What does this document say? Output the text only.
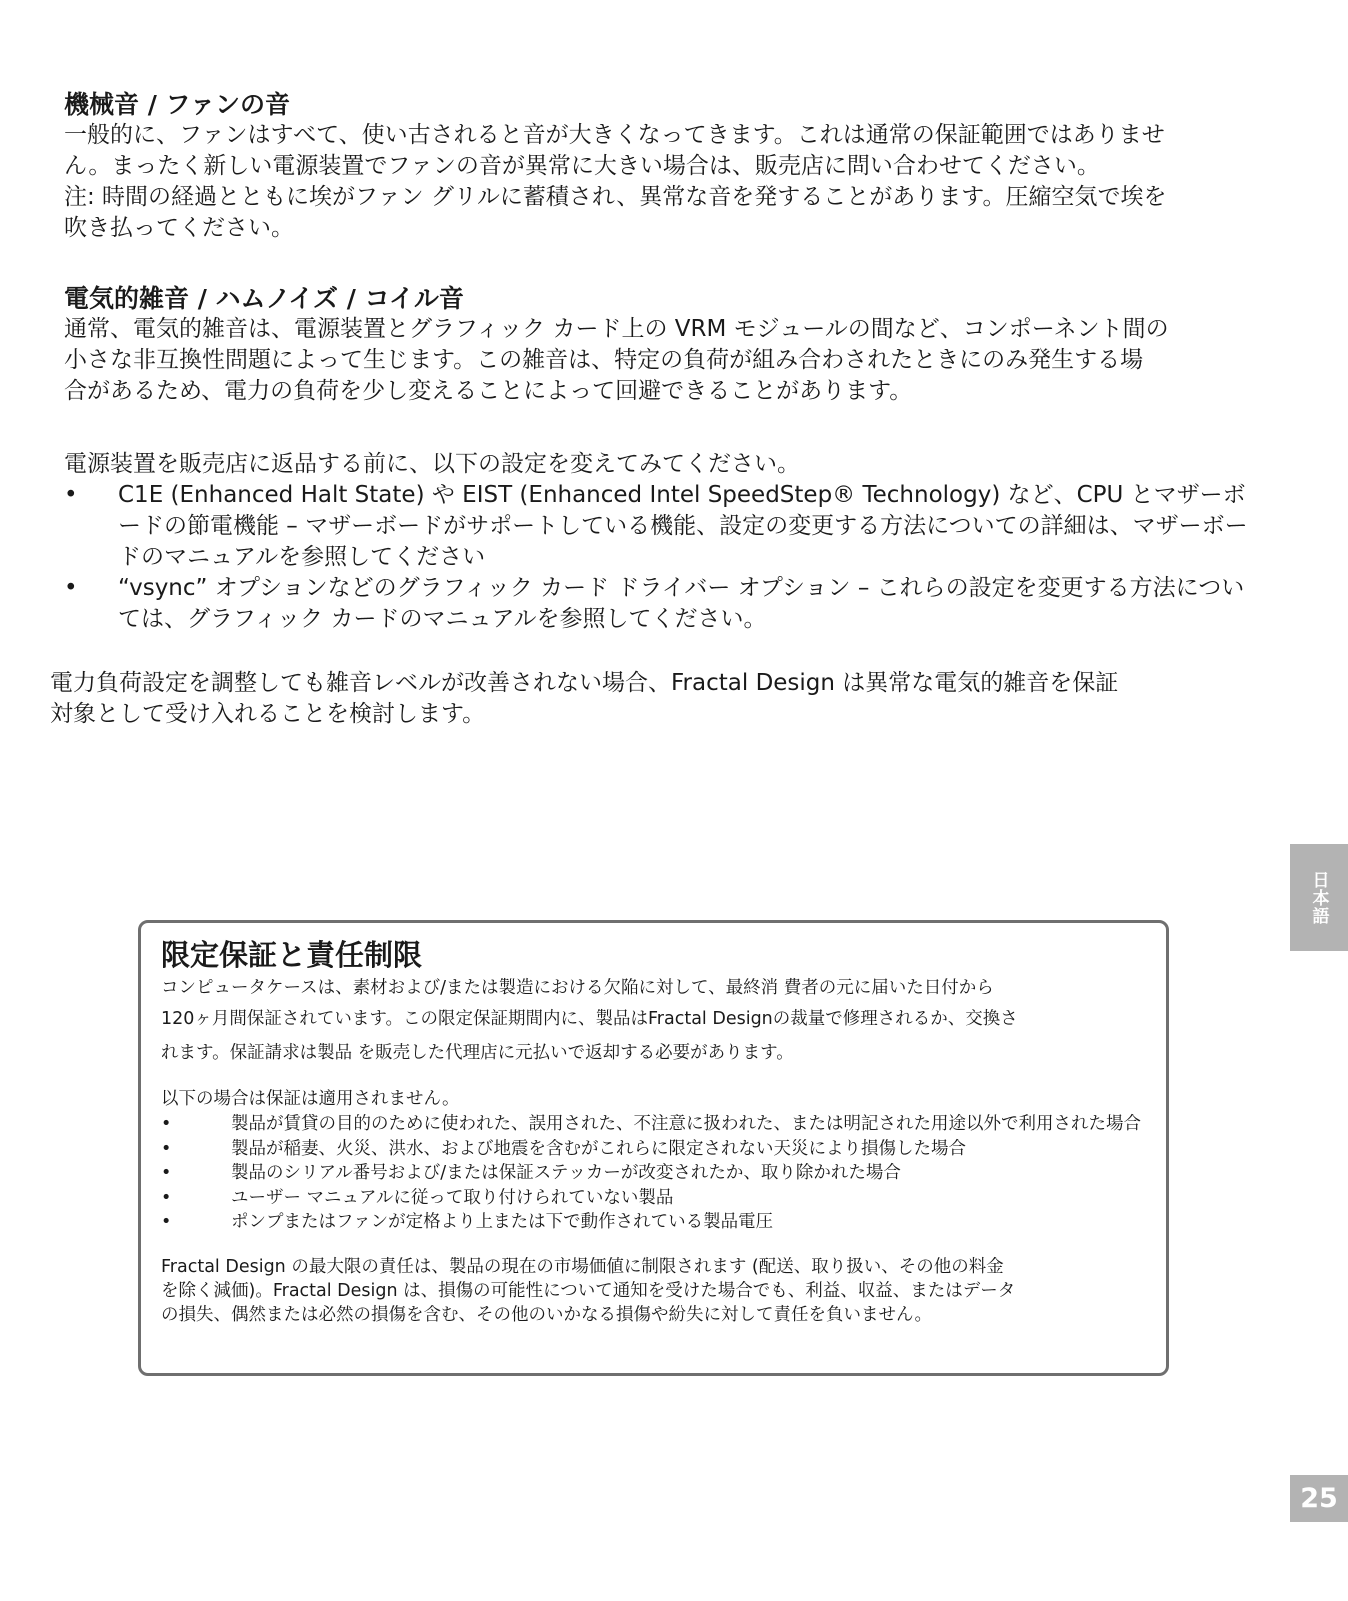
機械音 / ファンの音

一般的に、ファンはすべて、使い古されると音が大きくなってきます。これは通常の保証範囲ではありませ

ん。まったく新しい電源装置でファンの音が異常に大きい場合は、販売店に問い合わせてください。

注: 時間の経過とともに埃がファン グリルに蓄積され、異常な音を発することがあります。圧縮空気で埃を

吹き払ってください。

電気的雑音 / ハムノイズ / コイル音

通常、電気的雑音は、電源装置とグラフィック カード上の VRM モジュールの間など、コンポーネント間の

小さな非互換性問題によって生じます。この雑音は、特定の負荷が組み合わされたときにのみ発生する場

合があるため、電力の負荷を少し変えることによって回避できることがあります。

電源装置を販売店に返品する前に、以下の設定を変えてみてください。

• C1E (Enhanced Halt State) や EIST (Enhanced Intel SpeedStep® Technology) など、CPU とマザーボードの節電機能 – マザーボードがサポートしている機能、設定の変更する方法についての詳細は、マザーボードのマニュアルを参照してください
• “vsync” オプションなどのグラフィック カード ドライバー オプション – これらの設定を変更する方法については、グラフィック カードのマニュアルを参照してください。

電力負荷設定を調整しても雑音レベルが改善されない場合、Fractal Design は異常な電気的雑音を保証

対象として受け入れることを検討します。

限定保証と責任制限

コンピュータケースは、素材および/または製造における欠陥に対して、最終消 費者の元に届いた日付から

120ヶ月間保証されています。この限定保証期間内に、製品はFractal Designの裁量で修理されるか、交換さ

れます。保証請求は製品 を販売した代理店に元払いで返却する必要があります。

以下の場合は保証は適用されません。

• 製品が賃貸の目的のために使われた、誤用された、不注意に扱われた、または明記された用途以外で利用された場合
• 製品が稲妻、火災、洪水、および地震を含むがこれらに限定されない天災により損傷した場合
• 製品のシリアル番号および/または保証ステッカーが改変されたか、取り除かれた場合
• ユーザー マニュアルに従って取り付けられていない製品
• ポンプまたはファンが定格より上または下で動作されている製品電圧

Fractal Design の最大限の責任は、製品の現在の市場価値に制限されます (配送、取り扱い、その他の料金

を除く減価)。Fractal Design は、損傷の可能性について通知を受けた場合でも、利益、収益、またはデータ

の損失、偶然または必然の損傷を含む、その他のいかなる損傷や紛失に対して責任を負いません。

日本語
25
